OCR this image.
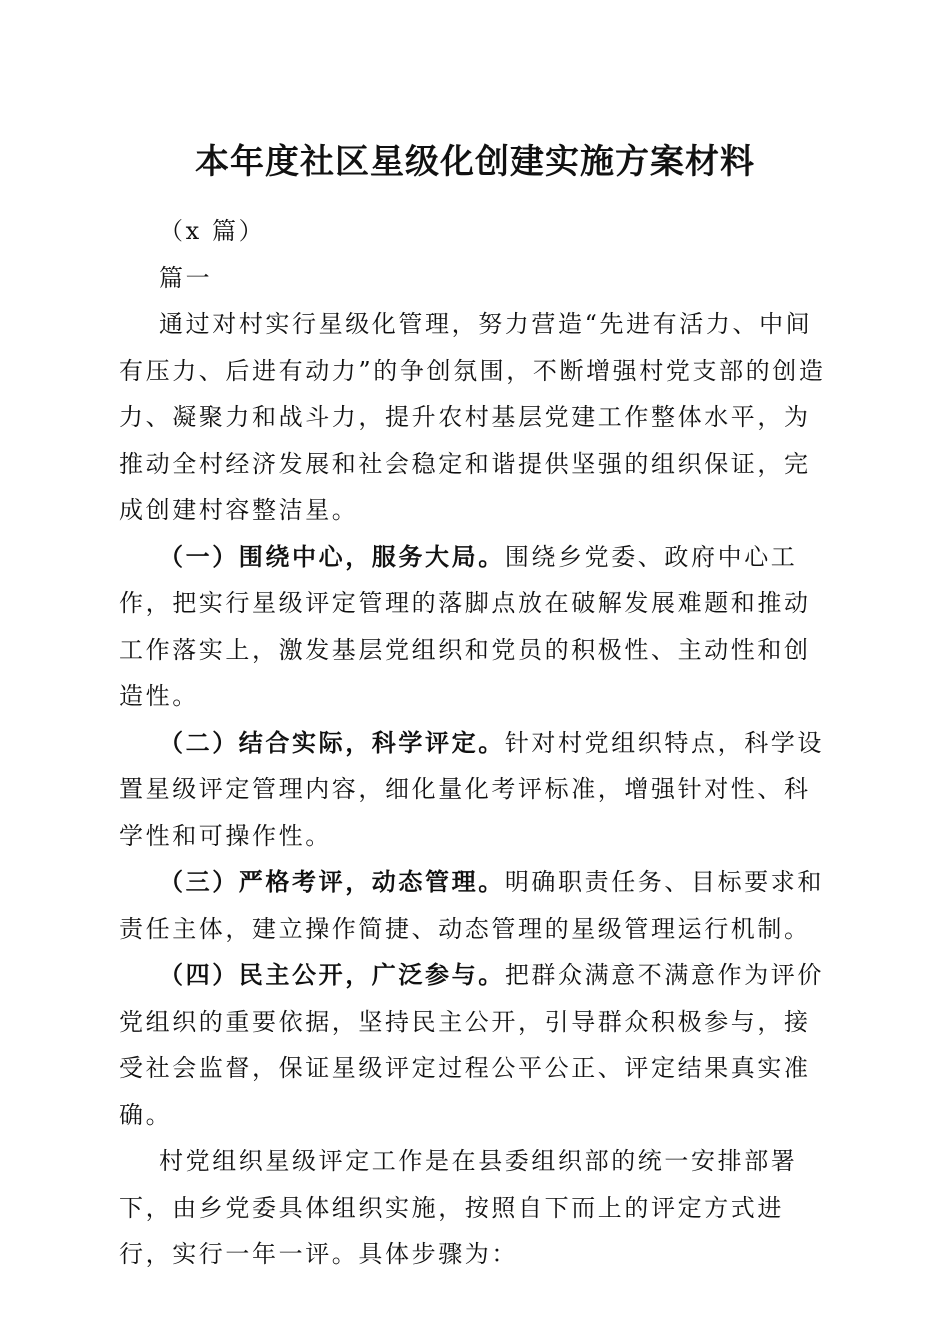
本年度社区星级化创建实施方案材料

（x 篇）

篇一

通过对村实行星级化管理，努力营造“先进有活力、中间有压力、后进有动力”的争创氛围，不断增强村党支部的创造力、凝聚力和战斗力，提升农村基层党建工作整体水平，为推动全村经济发展和社会稳定和谐提供坚强的组织保证，完成创建村容整洁星。

（一）围绕中心，服务大局。围绕乡党委、政府中心工作，把实行星级评定管理的落脚点放在破解发展难题和推动工作落实上，激发基层党组织和党员的积极性、主动性和创造性。

（二）结合实际，科学评定。针对村党组织特点，科学设置星级评定管理内容，细化量化考评标准，增强针对性、科学性和可操作性。

（三）严格考评，动态管理。明确职责任务、目标要求和责任主体，建立操作简捷、动态管理的星级管理运行机制。

（四）民主公开，广泛参与。把群众满意不满意作为评价党组织的重要依据，坚持民主公开，引导群众积极参与，接受社会监督，保证星级评定过程公平公正、评定结果真实准确。

村党组织星级评定工作是在县委组织部的统一安排部署下，由乡党委具体组织实施，按照自下而上的评定方式进行，实行一年一评。具体步骤为：
